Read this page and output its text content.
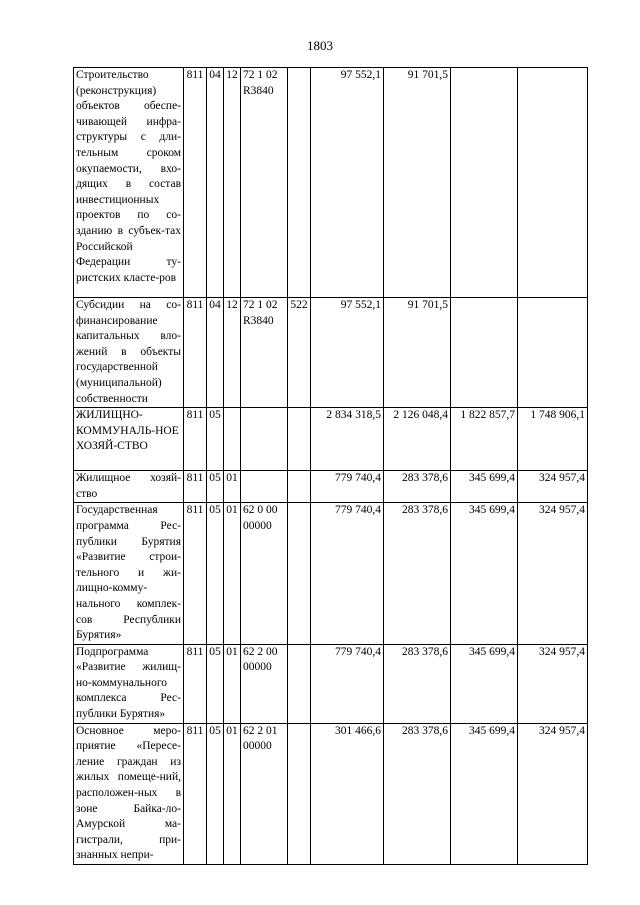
1803
Строительство (реконструкция) объектов обеспе-чивающей инфра-структуры с дли-тельным сроком окупаемости, вхо-дящих в состав инвестиционных проектов по со-зданию в субъек-тах Российской Федерации ту-ристских класте-ров	811	04	12	72 1 02 R3840		97 552,1	91 701,5		
Субсидии на со-финансирование капитальных вло-жений в объекты государственной (муниципальной) собственности	811	04	12	72 1 02 R3840	522	97 552,1	91 701,5		
ЖИЛИЩНО-КОММУНАЛЬ-НОЕ ХОЗЯЙ-СТВО	811	05				2 834 318,5	2 126 048,4	1 822 857,7	1 748 906,1
Жилищное хозяй-ство	811	05	01			779 740,4	283 378,6	345 699,4	324 957,4
Государственная программа Рес-публики Бурятия «Развитие строи-тельного и жи-лищно-комму-нального комплек-сов Республики Бурятия»	811	05	01	62 0 00 00000		779 740,4	283 378,6	345 699,4	324 957,4
Подпрограмма «Развитие жилищ-но-коммунального комплекса Рес-публики Бурятия»	811	05	01	62 2 00 00000		779 740,4	283 378,6	345 699,4	324 957,4
Основное меро-приятие «Пересе-ление граждан из жилых помеще-ний, расположен-ных в зоне Байка-ло-Амурской ма-гистрали, при-знанных непри-	811	05	01	62 2 01 00000		301 466,6	283 378,6	345 699,4	324 957,4
